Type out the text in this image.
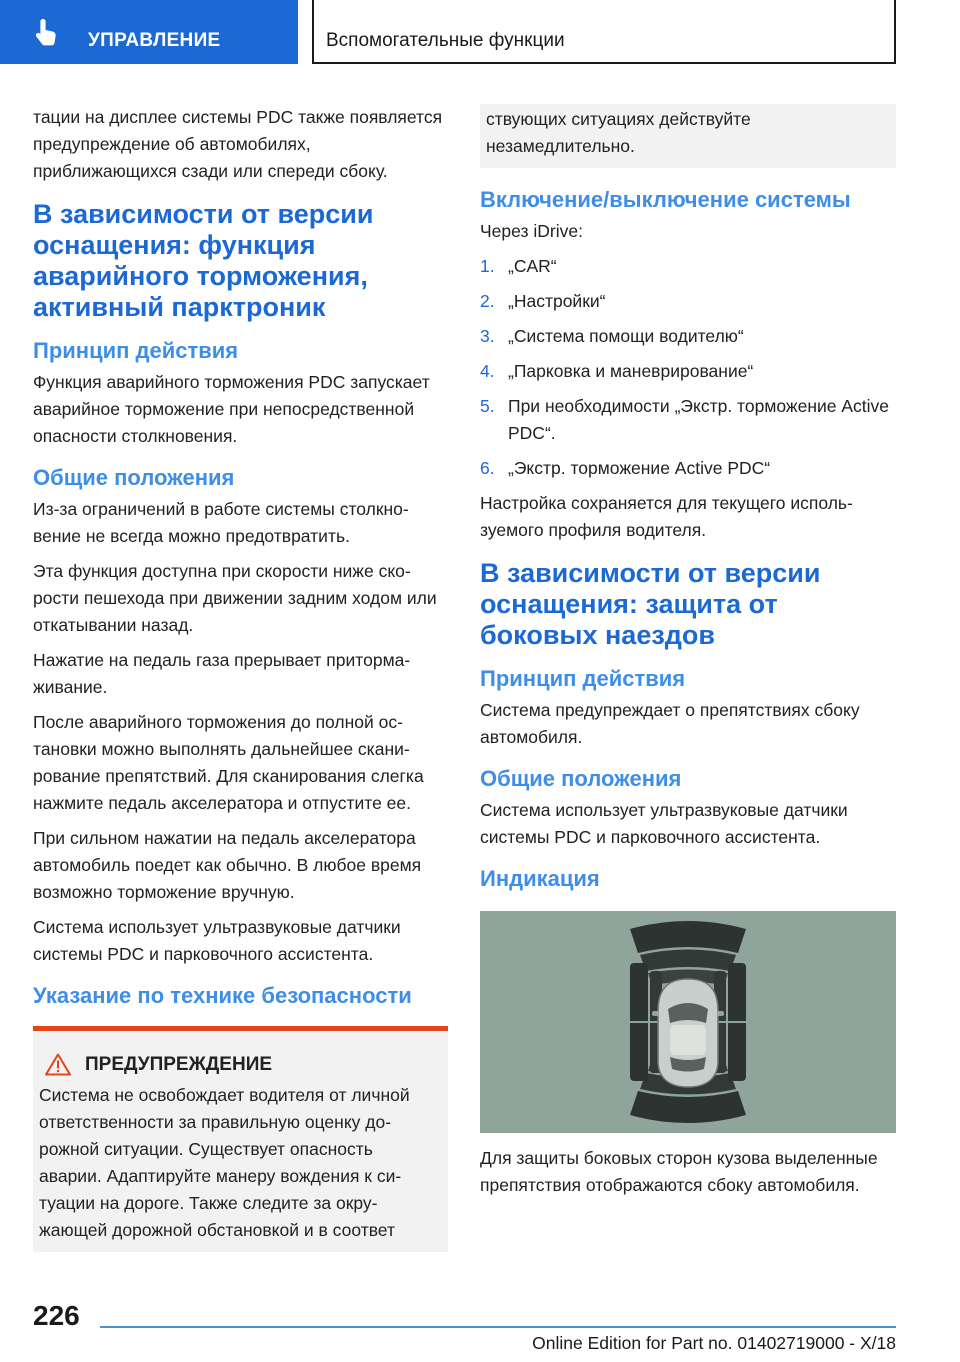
УПРАВЛЕНИЕ	Вспомогательные функции

тации на дисплее системы PDC также появляется предупреждение об автомобилях, приближающихся сзади или спереди сбоку.

В зависимости от версии оснащения: функция аварийного торможения, активный парктроник
Принцип действия

Функция аварийного торможения PDC запускает аварийное торможение при непосредственной опасности столкновения.

Общие положения

Из-за ограничений в работе системы столкновение не всегда можно предотвратить.

Эта функция доступна при скорости ниже скорости пешехода при движении задним ходом или откатывании назад.

Нажатие на педаль газа прерывает притормаживание.

После аварийного торможения до полной остановки можно выполнять дальнейшее сканирование препятствий. Для сканирования слегка нажмите педаль акселератора и отпустите ее.

При сильном нажатии на педаль акселератора автомобиль поедет как обычно. В любое время возможно торможение вручную.

Система использует ультразвуковые датчики системы PDC и парковочного ассистента.

Указание по технике безопасности
ПРЕДУПРЕЖДЕНИЕ

Система не освобождает водителя от личной ответственности за правильную оценку дорожной ситуации. Существует опасность аварии. Адаптируйте манеру вождения к ситуации на дороге. Также следите за окружающей дорожной обстановкой и в соответ

ствующих ситуациях действуйте незамедлительно.

Включение/выключение системы

Через iDrive:

1. „CAR“
2. „Настройки“
3. „Система помощи водителю“
4. „Парковка и маневрирование“
5. При необходимости „Экстр. торможение Active PDC“.
6. „Экстр. торможение Active PDC“

Настройка сохраняется для текущего используемого профиля водителя.

В зависимости от версии оснащения: защита от боковых наездов
Принцип действия

Система предупреждает о препятствиях сбоку автомобиля.

Общие положения

Система использует ультразвуковые датчики системы PDC и парковочного ассистента.

Индикация

Для защиты боковых сторон кузова выделенные препятствия отображаются сбоку автомобиля.

226
Online Edition for Part no. 01402719000 - X/18
